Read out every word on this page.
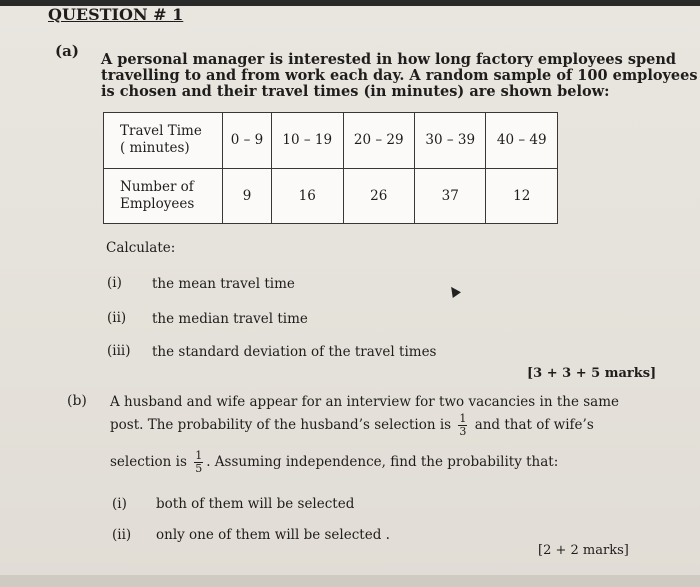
QUESTION # 1
(a) A personal manager is interested in how long factory employees spend
travelling to and from work each day. A random sample of 100 employees
is chosen and their travel times (in minutes) are shown below:
Travel Time
( minutes)	0 – 9	10 – 19	20 – 29	30 – 39	40 – 49
Number of
Employees	9	16	26	37	12
Calculate:
(i) the mean travel time
(ii) the median travel time
(iii) the standard deviation of the travel times
[3 + 3 + 5 marks]
(b) A husband and wife appear for an interview for two vacancies in the same
post. The probability of the husband’s selection is $\frac{1}{3}$ and that of wife’s
selection is $\frac{1}{5}$ . Assuming independence, find the probability that:
(i) both of them will be selected
(ii) only one of them will be selected .
[2 + 2 marks]
